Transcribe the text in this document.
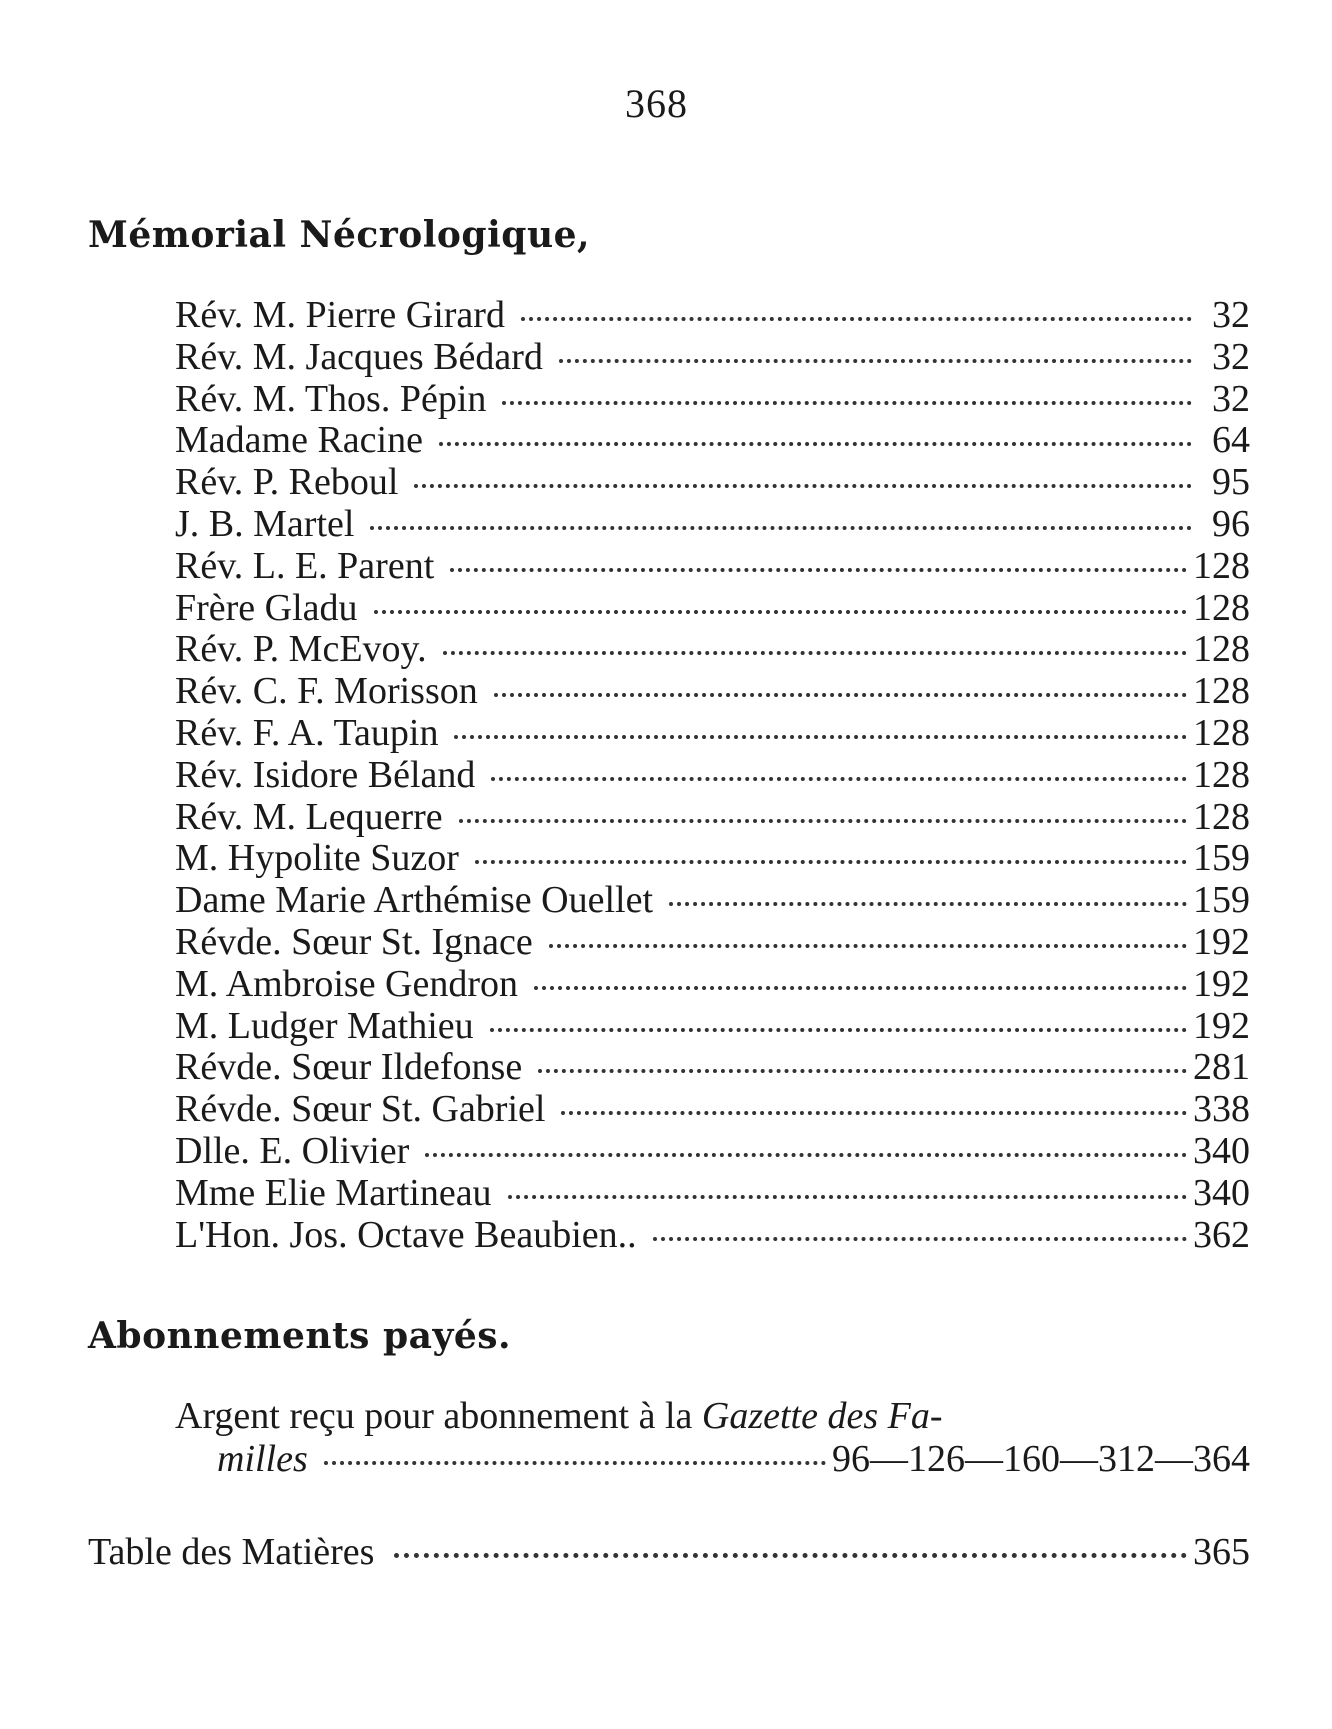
368
Mémorial Nécrologique,
Rév. M. Pierre Girard	32
Rév. M. Jacques Bédard	32
Rév. M. Thos. Pépin	32
Madame Racine	64
Rév. P. Reboul	95
J. B. Martel	96
Rév. L. E. Parent	128
Frère Gladu	128
Rév. P. McEvoy.	128
Rév. C. F. Morisson	128
Rév. F. A. Taupin	128
Rév. Isidore Béland	128
Rév. M. Lequerre	128
M. Hypolite Suzor	159
Dame Marie Arthémise Ouellet	159
Révde. Sœur St. Ignace	192
M. Ambroise Gendron	192
M. Ludger Mathieu	192
Révde. Sœur Ildefonse	281
Révde. Sœur St. Gabriel	338
Dlle. E. Olivier	340
Mme Elie Martineau	340
L'Hon. Jos. Octave Beaubien..	362
Abonnements payés.
Argent reçu pour abonnement à la Gazette des Fa-
milles	96—126—160—312—364
Table des Matières	365
